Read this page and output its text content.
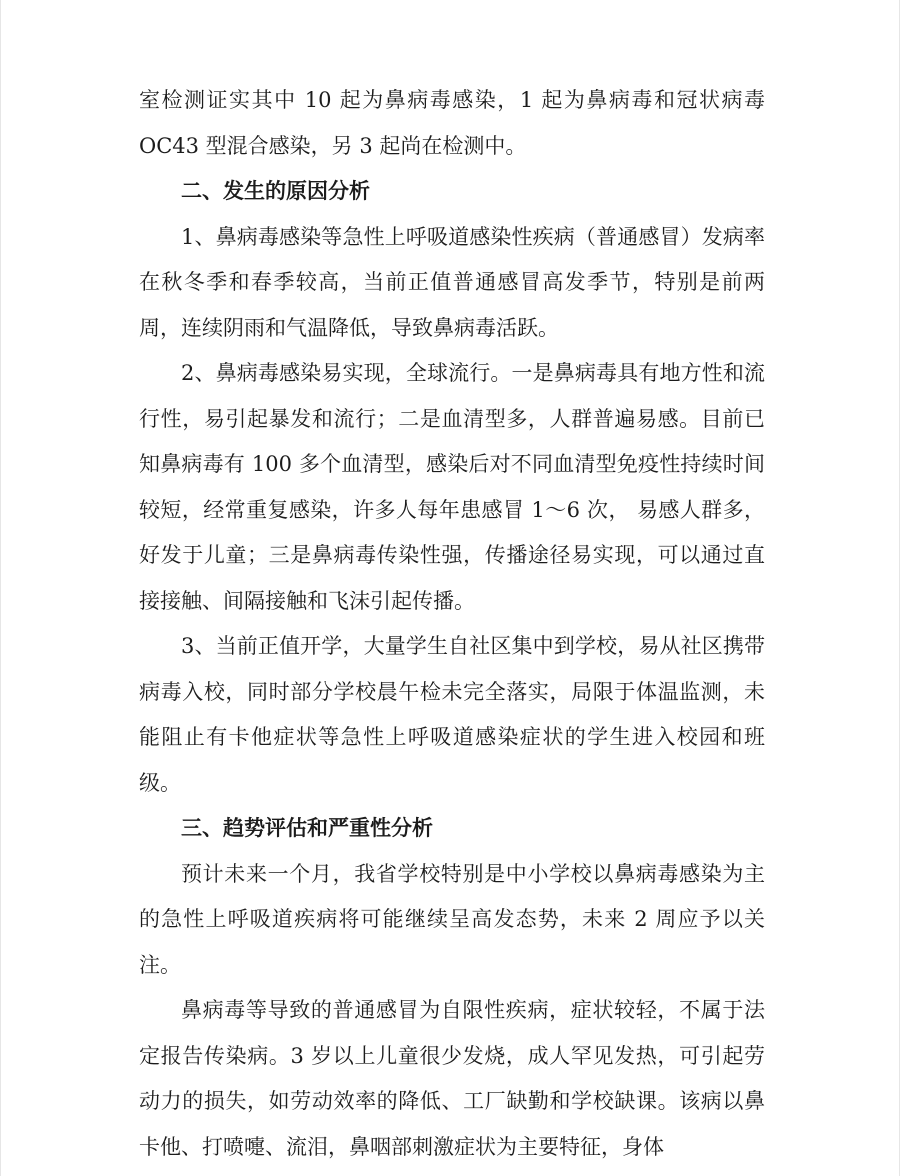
室检测证实其中 10 起为鼻病毒感染，1 起为鼻病毒和冠状病毒 OC43 型混合感染，另 3 起尚在检测中。

二、发生的原因分析

1、鼻病毒感染等急性上呼吸道感染性疾病（普通感冒）发病率在秋冬季和春季较高，当前正值普通感冒高发季节，特别是前两周，连续阴雨和气温降低，导致鼻病毒活跃。

2、鼻病毒感染易实现，全球流行。一是鼻病毒具有地方性和流行性，易引起暴发和流行；二是血清型多，人群普遍易感。目前已知鼻病毒有 100 多个血清型，感染后对不同血清型免疫性持续时间较短，经常重复感染，许多人每年患感冒 1～6 次， 易感人群多，好发于儿童；三是鼻病毒传染性强，传播途径易实现，可以通过直接接触、间隔接触和飞沫引起传播。

3、当前正值开学，大量学生自社区集中到学校，易从社区携带病毒入校，同时部分学校晨午检未完全落实，局限于体温监测，未能阻止有卡他症状等急性上呼吸道感染症状的学生进入校园和班级。

三、趋势评估和严重性分析

预计未来一个月，我省学校特别是中小学校以鼻病毒感染为主的急性上呼吸道疾病将可能继续呈高发态势，未来 2 周应予以关注。

鼻病毒等导致的普通感冒为自限性疾病，症状较轻，不属于法定报告传染病。3 岁以上儿童很少发烧，成人罕见发热，可引起劳动力的损失，如劳动效率的降低、工厂缺勤和学校缺课。该病以鼻卡他、打喷嚏、流泪，鼻咽部刺激症状为主要特征，身体
